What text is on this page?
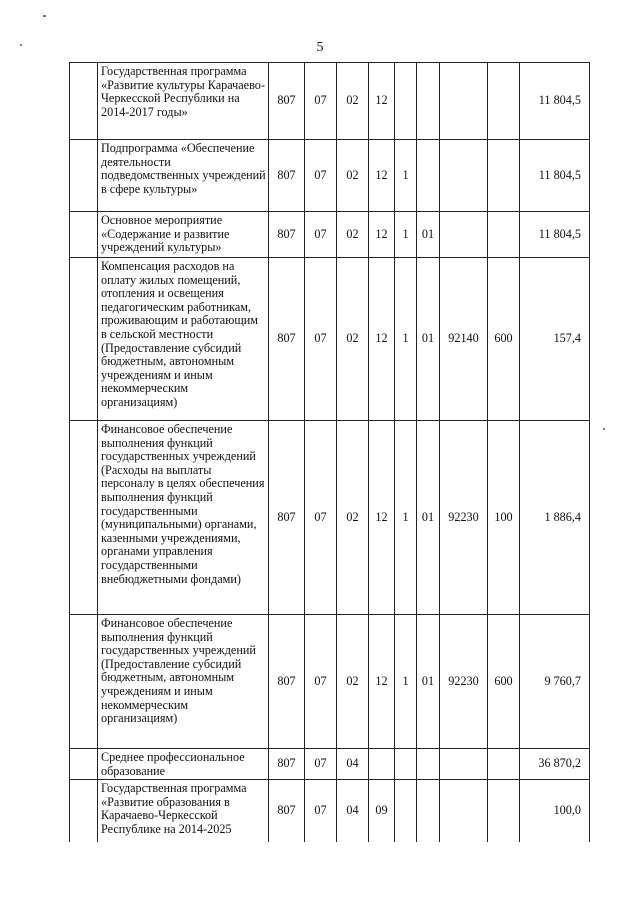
5
	Государственная программа «Развитие культуры Карачаево-Черкесской Республики на 2014-2017 годы»	807	07	02	12					11 804,5
	Подпрограмма «Обеспечение деятельности подведомственных учреждений в сфере культуры»	807	07	02	12	1				11 804,5
	Основное мероприятие «Содержание и развитие учреждений культуры»	807	07	02	12	1	01			11 804,5
	Компенсация расходов на оплату жилых помещений, отопления и освещения педагогическим работникам, проживающим и работающим в сельской местности (Предоставление субсидий бюджетным, автономным учреждениям и иным некоммерческим организациям)	807	07	02	12	1	01	92140	600	157,4
	Финансовое обеспечение выполнения функций государственных учреждений (Расходы на выплаты персоналу в целях обеспечения выполнения функций государственными (муниципальными) органами, казенными учреждениями, органами управления государственными внебюджетными фондами)	807	07	02	12	1	01	92230	100	1 886,4
	Финансовое обеспечение выполнения функций государственных учреждений (Предоставление субсидий бюджетным, автономным учреждениям и иным некоммерческим организациям)	807	07	02	12	1	01	92230	600	9 760,7
	Среднее профессиональное образование	807	07	04						36 870,2
	Государственная программа «Развитие образования в Карачаево-Черкесской Республике на 2014-2025	807	07	04	09					100,0
